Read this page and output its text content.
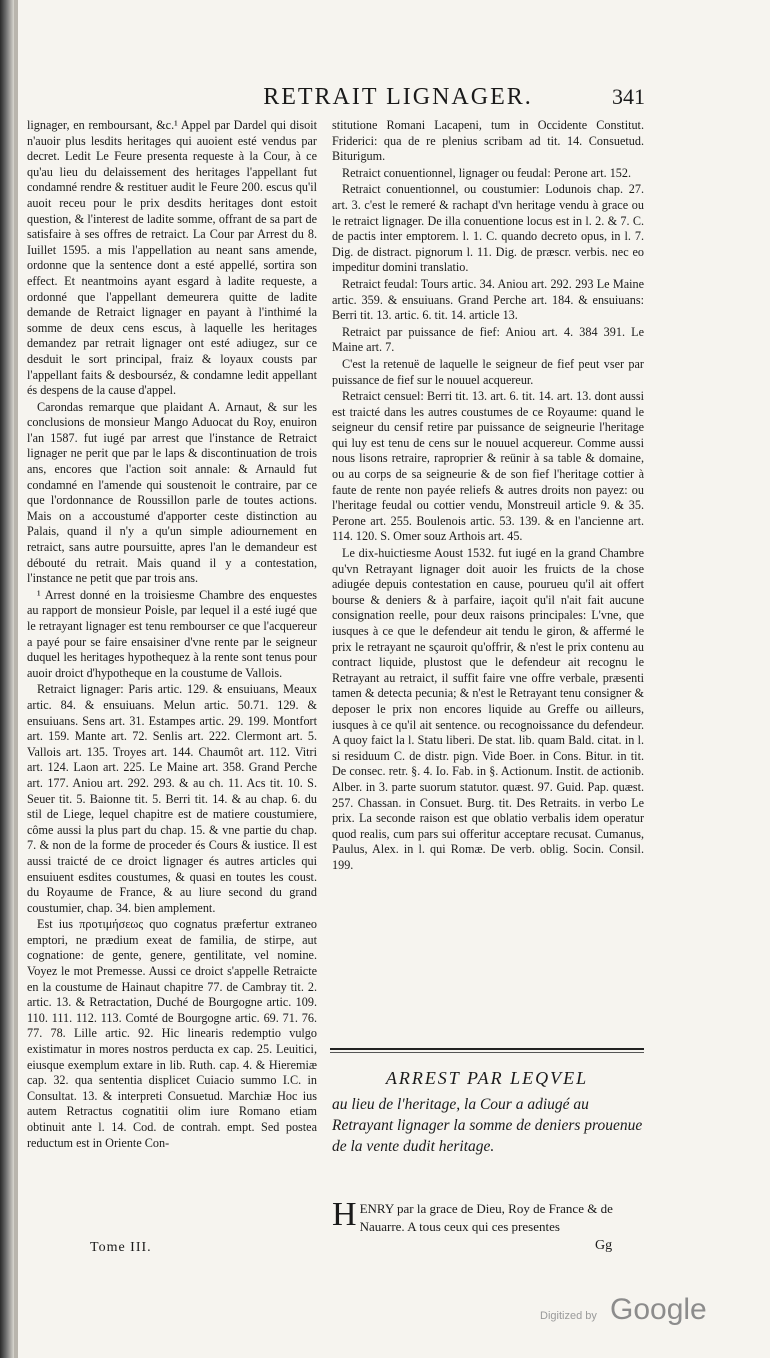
RETRAIT LIGNAGER.	341

lignager, en remboursant, &c.¹ Appel par Dardel qui disoit n'auoir plus lesdits heritages qui auoient esté vendus par decret. Ledit Le Feure presenta requeste à la Cour, à ce qu'au lieu du delaissement des heritages l'appellant fut condamné rendre & restituer audit le Feure 200. escus qu'il auoit receu pour le prix desdits heritages dont estoit question, & l'interest de ladite somme, offrant de sa part de satisfaire à ses offres de retraict. La Cour par Arrest du 8. Iuillet 1595. a mis l'appellation au neant sans amende, ordonne que la sentence dont a esté appellé, sortira son effect. Et neantmoins ayant esgard à ladite requeste, a ordonné que l'appellant demeurera quitte de ladite demande de Retraict lignager en payant à l'inthimé la somme de deux cens escus, à laquelle les heritages demandez par retrait lignager ont esté adiugez, sur ce desduit le sort principal, fraiz & loyaux cousts par l'appellant faits & desbourséz, & condamne ledit appellant és despens de la cause d'appel.

Carondas remarque que plaidant A. Arnaut, & sur les conclusions de monsieur Mango Aduocat du Roy, enuiron l'an 1587. fut iugé par arrest que l'instance de Retraict lignager ne perit que par le laps & discontinuation de trois ans, encores que l'action soit annale: & Arnauld fut condamné en l'amende qui soustenoit le contraire, par ce que l'ordonnance de Roussillon parle de toutes actions. Mais on a accoustumé d'apporter ceste distinction au Palais, quand il n'y a qu'un simple adiournement en retraict, sans autre poursuitte, apres l'an le demandeur est débouté du retrait. Mais quand il y a contestation, l'instance ne petit que par trois ans.

¹ Arrest donné en la troisiesme Chambre des enquestes au rapport de monsieur Poisle, par lequel il a esté iugé que le retrayant lignager est tenu rembourser ce que l'acquereur a payé pour se faire ensaisiner d'vne rente par le seigneur duquel les heritages hypothequez à la rente sont tenus pour auoir droict d'hypotheque en la coustume de Vallois.

Retraict lignager: Paris artic. 129. & ensuiuans, Meaux artic. 84. & ensuiuans. Melun artic. 50.71. 129. & ensuiuans. Sens art. 31. Estampes artic. 29. 199. Montfort art. 159. Mante art. 72. Senlis art. 222. Clermont art. 5. Vallois art. 135. Troyes art. 144. Chaumôt art. 112. Vitri art. 124. Laon art. 225. Le Maine art. 358. Grand Perche art. 177. Aniou art. 292. 293. & au ch. 11. Acs tit. 10. S. Seuer tit. 5. Baionne tit. 5. Berri tit. 14. & au chap. 6. du stil de Liege, lequel chapitre est de matiere coustumiere, côme aussi la plus part du chap. 15. & vne partie du chap. 7. & non de la forme de proceder és Cours & iustice. Il est aussi traicté de ce droict lignager és autres articles qui ensuiuent esdites coustumes, & quasi en toutes les coust. du Royaume de France, & au liure second du grand coustumier, chap. 34. bien amplement.

Est ius προτιμήσεως quo cognatus præfertur extraneo emptori, ne prædium exeat de familia, de stirpe, aut cognatione: de gente, genere, gentilitate, vel nomine. Voyez le mot Premesse. Aussi ce droict s'appelle Retraicte en la coustume de Hainaut chapitre 77. de Cambray tit. 2. artic. 13. & Retractation, Duché de Bourgogne artic. 109. 110. 111. 112. 113. Comté de Bourgogne artic. 69. 71. 76. 77. 78. Lille artic. 92. Hic linearis redemptio vulgo existimatur in mores nostros perducta ex cap. 25. Leuitici, eiusque exemplum extare in lib. Ruth. cap. 4. & Hieremiæ cap. 32. qua sententia displicet Cuiacio summo I.C. in Consultat. 13. & interpreti Consuetud. Marchiæ Hoc ius autem Retractus cognatitii olim iure Romano etiam obtinuit ante l. 14. Cod. de contrah. empt. Sed postea reductum est in Oriente Con-

stitutione Romani Lacapeni, tum in Occidente Constitut. Friderici: qua de re plenius scribam ad tit. 14. Consuetud. Biturigum.

Retraict conuentionnel, lignager ou feudal: Perone art. 152.

Retraict conuentionnel, ou coustumier: Lodunois chap. 27. art. 3. c'est le remeré & rachapt d'vn heritage vendu à grace ou le retraict lignager. De illa conuentione locus est in l. 2. & 7. C. de pactis inter emptorem. l. 1. C. quando decreto opus, in l. 7. Dig. de distract. pignorum l. 11. Dig. de præscr. verbis. nec eo impeditur domini translatio.

Retraict feudal: Tours artic. 34. Aniou art. 292. 293 Le Maine artic. 359. & ensuiuans. Grand Perche art. 184. & ensuiuans: Berri tit. 13. artic. 6. tit. 14. article 13.

Retraict par puissance de fief: Aniou art. 4. 384 391. Le Maine art. 7.

C'est la retenuë de laquelle le seigneur de fief peut vser par puissance de fief sur le nouuel acquereur.

Retraict censuel: Berri tit. 13. art. 6. tit. 14. art. 13. dont aussi est traicté dans les autres coustumes de ce Royaume: quand le seigneur du censif retire par puissance de seigneurie l'heritage qui luy est tenu de cens sur le nouuel acquereur. Comme aussi nous lisons retraire, raproprier & reünir à sa table & domaine, ou au corps de sa seigneurie & de son fief l'heritage cottier à faute de rente non payée reliefs & autres droits non payez: ou l'heritage feudal ou cottier vendu, Monstreuil article 9. & 35. Perone art. 255. Boulenois artic. 53. 139. & en l'ancienne art. 114. 120. S. Omer souz Arthois art. 45.

Le dix-huictiesme Aoust 1532. fut iugé en la grand Chambre qu'vn Retrayant lignager doit auoir les fruicts de la chose adiugée depuis contestation en cause, pourueu qu'il ait offert bourse & deniers & à parfaire, iaçoit qu'il n'ait fait aucune consignation reelle, pour deux raisons principales: L'vne, que iusques à ce que le defendeur ait tendu le giron, & affermé le prix le retrayant ne sçauroit qu'offrir, & n'est le prix contenu au contract liquide, plustost que le defendeur ait recognu le Retrayant au retraict, il suffit faire vne offre verbale, præsenti tamen & detecta pecunia; & n'est le Retrayant tenu consigner & deposer le prix non encores liquide au Greffe ou ailleurs, iusques à ce qu'il ait sentence. ou recognoissance du defendeur. A quoy faict la l. Statu liberi. De stat. lib. quam Bald. citat. in l. si residuum C. de distr. pign. Vide Boer. in Cons. Bitur. in tit. De consec. retr. §. 4. Io. Fab. in §. Actionum. Instit. de actionib. Alber. in 3. parte suorum statutor. quæst. 97. Guid. Pap. quæst. 257. Chassan. in Consuet. Burg. tit. Des Retraits. in verbo Le prix. La seconde raison est que oblatio verbalis idem operatur quod realis, cum pars sui offeritur acceptare recusat. Cumanus, Paulus, Alex. in l. qui Romæ. De verb. oblig. Socin. Consil. 199.

ARREST PAR LEQVEL
au lieu de l'heritage, la Cour a adiugé au Retrayant lignager la somme de deniers prouenue de la vente dudit heritage.
H ENRY par la grace de Dieu, Roy de France & de Nauarre. A tous ceux qui ces presentes
Tome III.	Gg
Digitized by Google
